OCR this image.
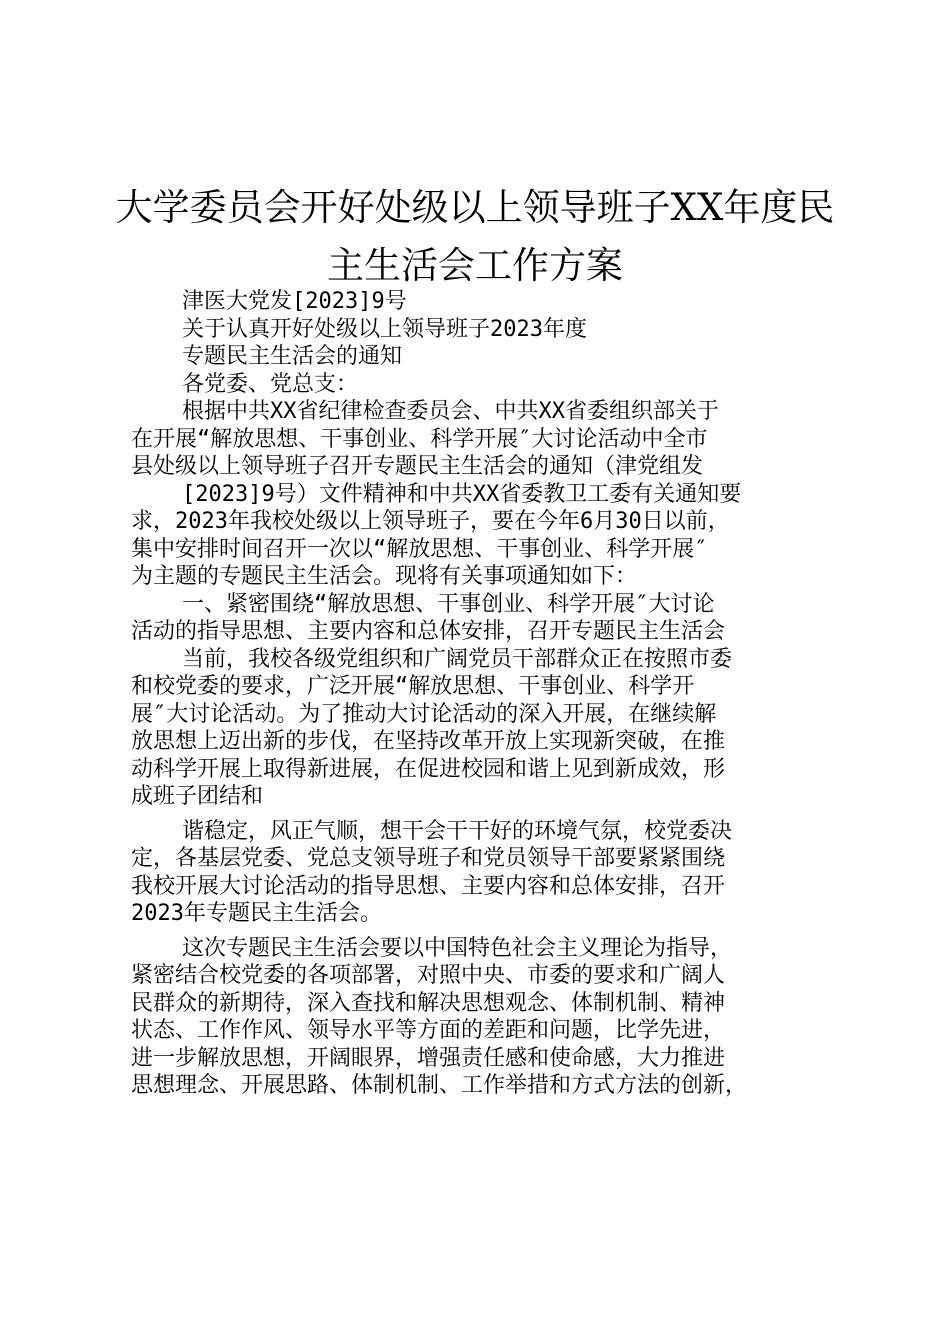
大学委员会开好处级以上领导班子XX年度民
主生活会工作方案
津医大党发[2023]9号
关于认真开好处级以上领导班子2023年度
专题民主生活会的通知
各党委、党总支：
根据中共XX省纪律检查委员会、中共XX省委组织部关于
在开展“解放思想、干事创业、科学开展″大讨论活动中全市
县处级以上领导班子召开专题民主生活会的通知（津党组发
[2023]9号）文件精神和中共XX省委教卫工委有关通知要
求，2023年我校处级以上领导班子，要在今年6月30日以前，
集中安排时间召开一次以“解放思想、干事创业、科学开展″
为主题的专题民主生活会。现将有关事项通知如下：
一、紧密围绕“解放思想、干事创业、科学开展″大讨论
活动的指导思想、主要内容和总体安排，召开专题民主生活会
当前，我校各级党组织和广阔党员干部群众正在按照市委
和校党委的要求，广泛开展“解放思想、干事创业、科学开
展″大讨论活动。为了推动大讨论活动的深入开展，在继续解
放思想上迈出新的步伐，在坚持改革开放上实现新突破，在推
动科学开展上取得新进展，在促进校园和谐上见到新成效，形
成班子团结和
谐稳定，风正气顺，想干会干干好的环境气氛，校党委决
定，各基层党委、党总支领导班子和党员领导干部要紧紧围绕
我校开展大讨论活动的指导思想、主要内容和总体安排，召开
2023年专题民主生活会。
这次专题民主生活会要以中国特色社会主义理论为指导，
紧密结合校党委的各项部署，对照中央、市委的要求和广阔人
民群众的新期待，深入查找和解决思想观念、体制机制、精神
状态、工作作风、领导水平等方面的差距和问题，比学先进，
进一步解放思想，开阔眼界，增强责任感和使命感，大力推进
思想理念、开展思路、体制机制、工作举措和方式方法的创新，
